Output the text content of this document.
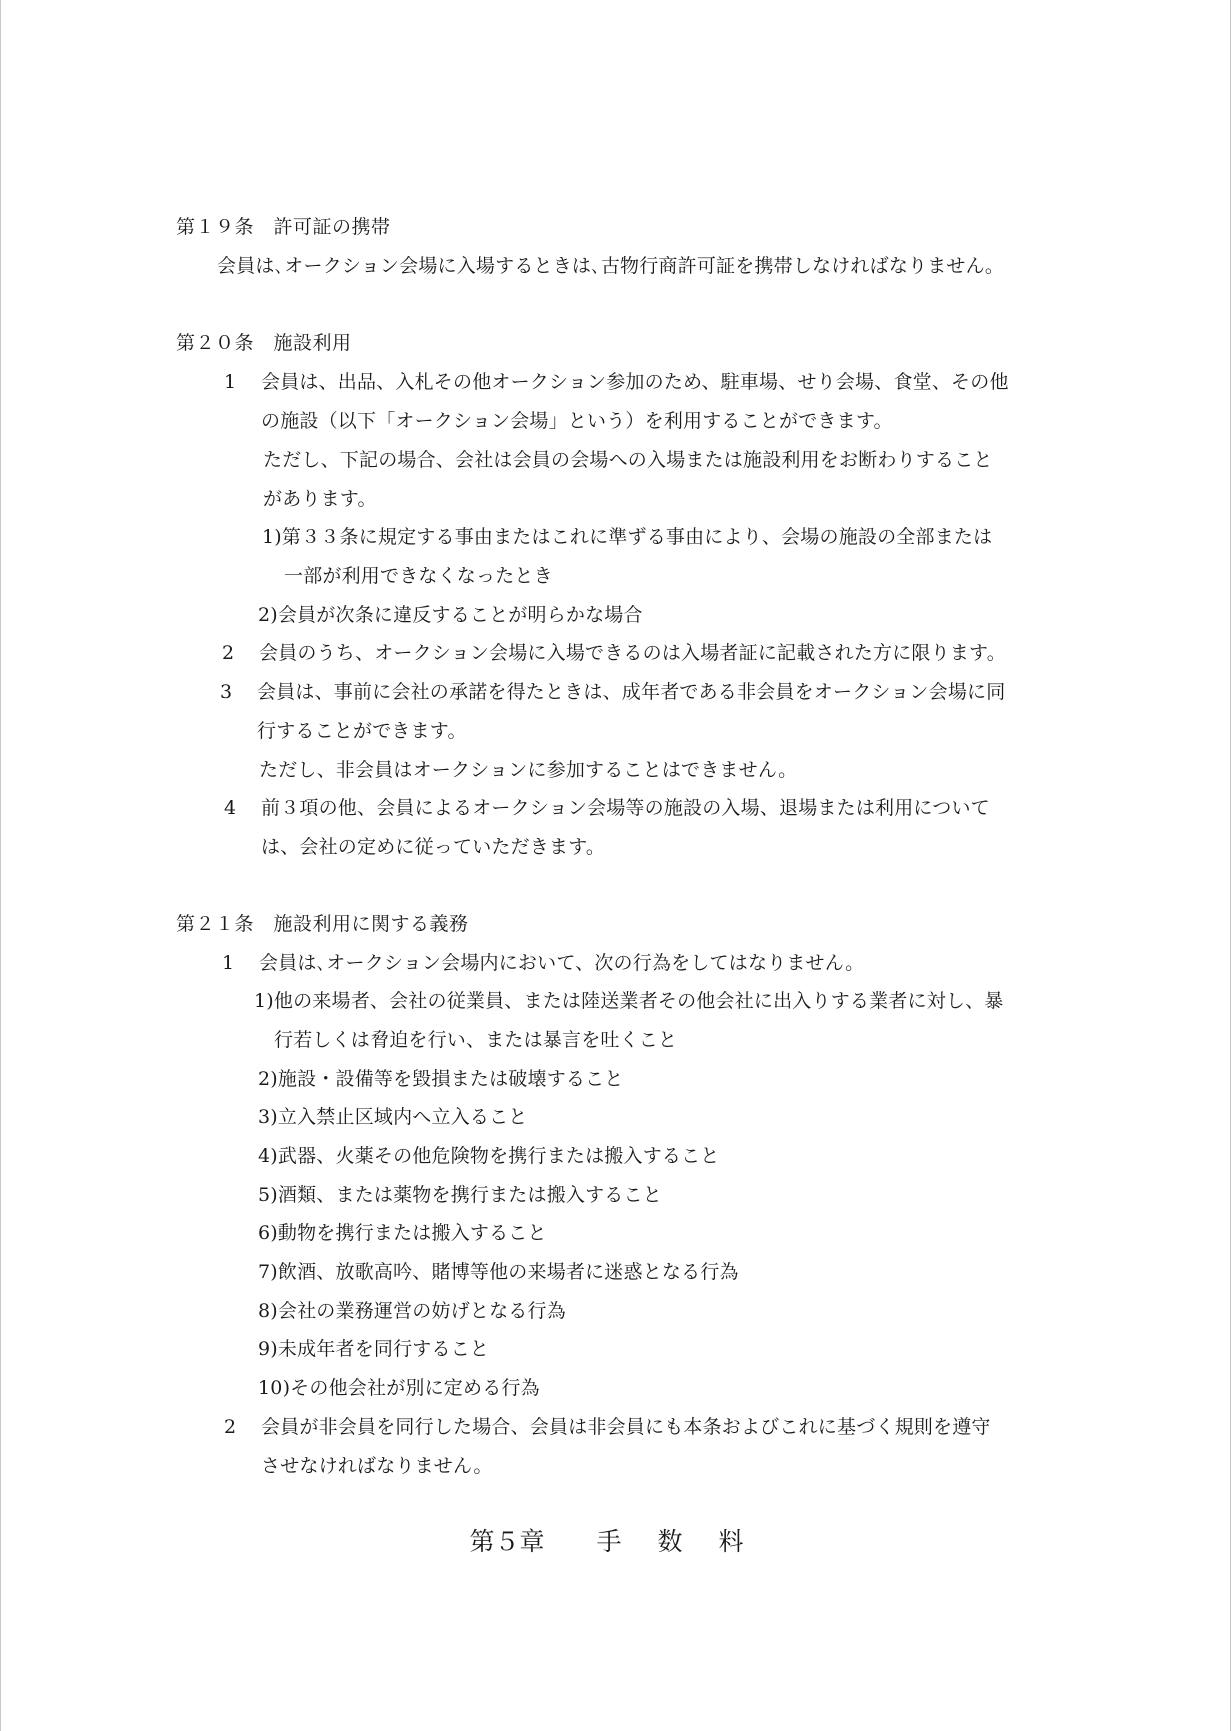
第１９条　許可証の携帯
会員は､オークション会場に入場するときは､古物行商許可証を携帯しなければなりません｡
第２０条　施設利用
1 会員は、出品、入札その他オークション参加のため、駐車場、せり会場、食堂、その他
の施設（以下「オークション会場」という）を利用することができます。
ただし、下記の場合、会社は会員の会場への入場または施設利用をお断わりすること
があります。
1)第３３条に規定する事由またはこれに準ずる事由により、会場の施設の全部または
一部が利用できなくなったとき
2)会員が次条に違反することが明らかな場合
2 会員のうち、オークション会場に入場できるのは入場者証に記載された方に限ります。
3 会員は、事前に会社の承諾を得たときは、成年者である非会員をオークション会場に同
行することができます。
ただし、非会員はオークションに参加することはできません。
4 前３項の他、会員によるオークション会場等の施設の入場、退場または利用について
は、会社の定めに従っていただきます。
第２１条　施設利用に関する義務
1 会員は､オークション会場内において、次の行為をしてはなりません。
1)他の来場者、会社の従業員、または陸送業者その他会社に出入りする業者に対し、暴
行若しくは脅迫を行い、または暴言を吐くこと
2)施設・設備等を毀損または破壊すること
3)立入禁止区域内へ立入ること
4)武器、火薬その他危険物を携行または搬入すること
5)酒類、または薬物を携行または搬入すること
6)動物を携行または搬入すること
7)飲酒、放歌高吟、賭博等他の来場者に迷惑となる行為
8)会社の業務運営の妨げとなる行為
9)未成年者を同行すること
10)その他会社が別に定める行為
2 会員が非会員を同行した場合、会員は非会員にも本条およびこれに基づく規則を遵守
させなければなりません。
第５章 手 数 料
